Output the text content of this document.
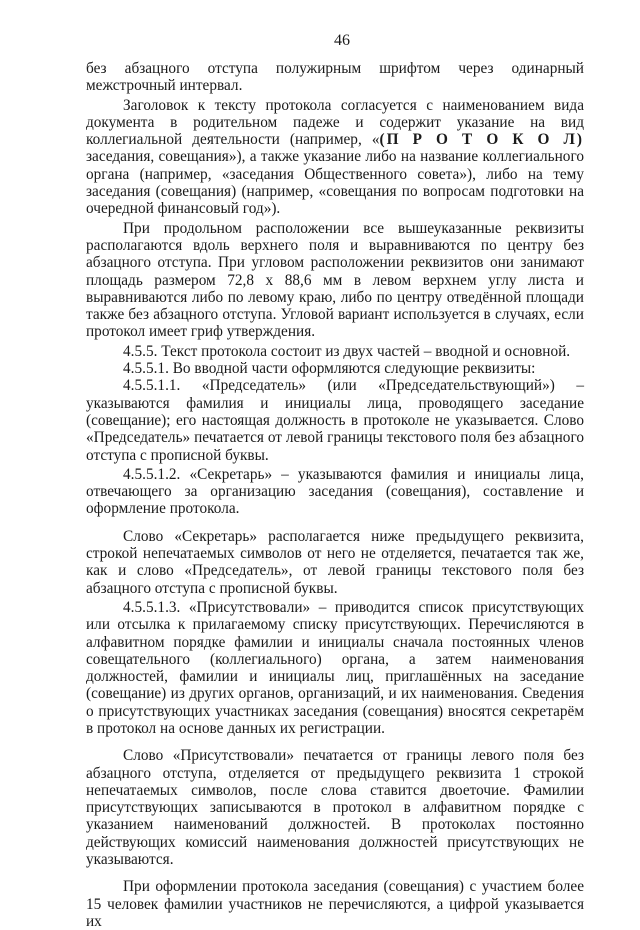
46

без абзацного отступа полужирным шрифтом через одинарный межстрочный интервал.

Заголовок к тексту протокола согласуется с наименованием вида документа в родительном падеже и содержит указание на вид коллегиальной деятельности (например, «(П Р О Т О К О Л) заседания, совещания»), а также указание либо на название коллегиального органа (например, «заседания Общественного совета»), либо на тему заседания (совещания) (например, «совещания по вопросам подготовки на очередной финансовый год»).

При продольном расположении все вышеуказанные реквизиты располагаются вдоль верхнего поля и выравниваются по центру без абзацного отступа. При угловом расположении реквизитов они занимают площадь размером 72,8 х 88,6 мм в левом верхнем углу листа и выравниваются либо по левому краю, либо по центру отведённой площади также без абзацного отступа. Угловой вариант используется в случаях, если протокол имеет гриф утверждения.

4.5.5. Текст протокола состоит из двух частей – вводной и основной.

4.5.5.1. Во вводной части оформляются следующие реквизиты:

4.5.5.1.1. «Председатель» (или «Председательствующий») – указываются фамилия и инициалы лица, проводящего заседание (совещание); его настоящая должность в протоколе не указывается. Слово «Председатель» печатается от левой границы текстового поля без абзацного отступа с прописной буквы.

4.5.5.1.2. «Секретарь» – указываются фамилия и инициалы лица, отвечающего за организацию заседания (совещания), составление и оформление протокола.

Слово «Секретарь» располагается ниже предыдущего реквизита, строкой непечатаемых символов от него не отделяется, печатается так же, как и слово «Председатель», от левой границы текстового поля без абзацного отступа с прописной буквы.

4.5.5.1.3. «Присутствовали» – приводится список присутствующих или отсылка к прилагаемому списку присутствующих. Перечисляются в алфавитном порядке фамилии и инициалы сначала постоянных членов совещательного (коллегиального) органа, а затем наименования должностей, фамилии и инициалы лиц, приглашённых на заседание (совещание) из других органов, организаций, и их наименования. Сведения о присутствующих участниках заседания (совещания) вносятся секретарём в протокол на основе данных их регистрации.

Слово «Присутствовали» печатается от границы левого поля без абзацного отступа, отделяется от предыдущего реквизита 1 строкой непечатаемых символов, после слова ставится двоеточие. Фамилии присутствующих записываются в протокол в алфавитном порядке с указанием наименований должностей. В протоколах постоянно действующих комиссий наименования должностей присутствующих не указываются.

При оформлении протокола заседания (совещания) с участием более 15 человек фамилии участников не перечисляются, а цифрой указывается их
